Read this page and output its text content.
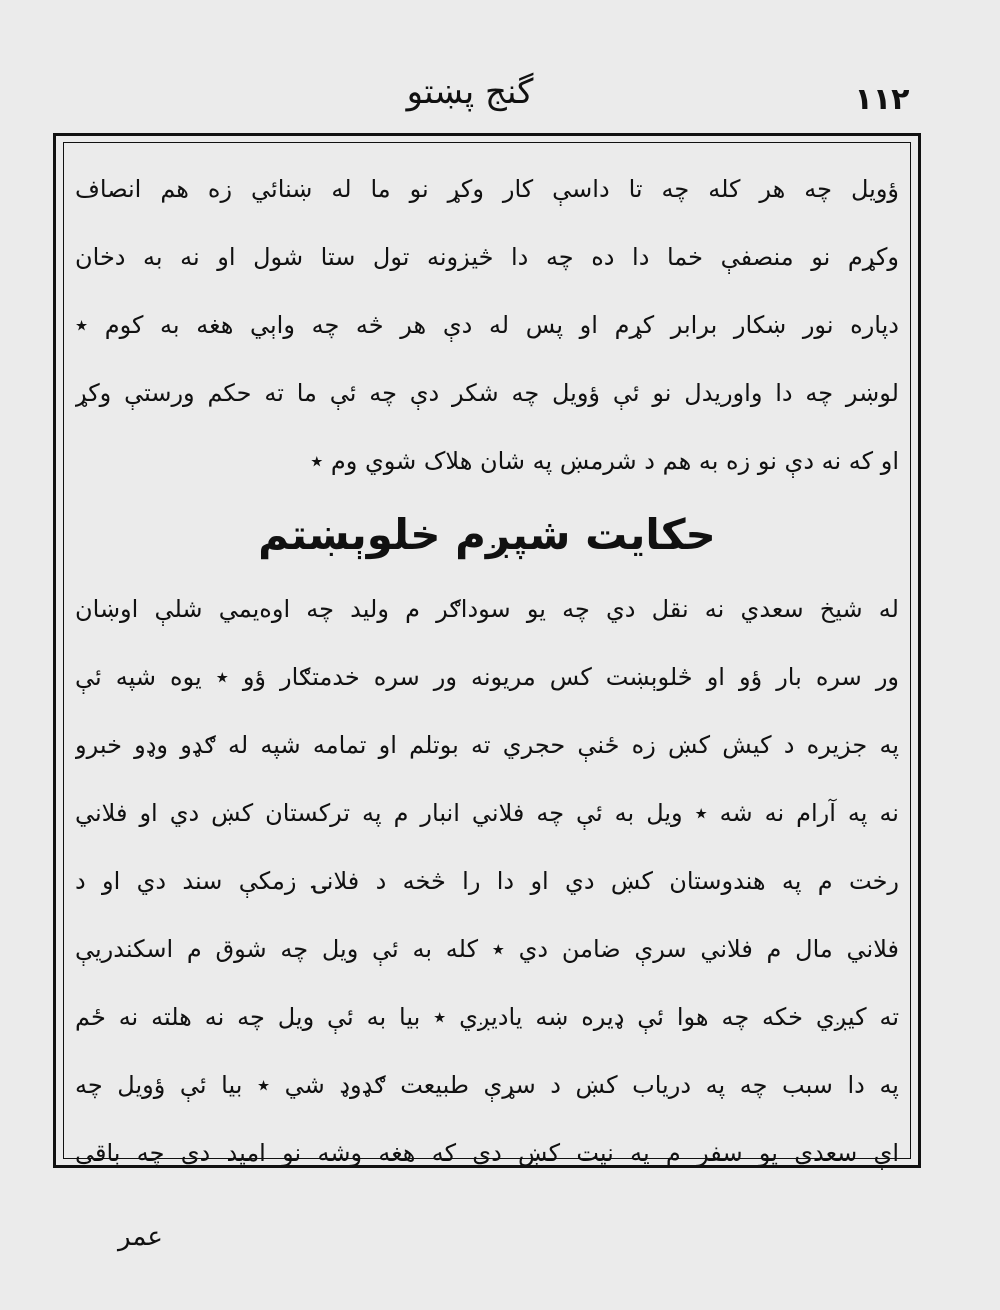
گنج پښتو	۱۱۲
ؤویل چه هر کله چه تا داسې کار وکړ نو ما له ښنائي زه هم انصاف
وکړم نو منصفې خما دا ده چه دا څیزونه تول ستا شول او نه به دخان
دپاره نور ښکار برابر کړم او پس له دې هر څه چه واېي هغه به کوم ٭
لوښر چه دا واوریدل نو ئې ؤویل چه شکر دې چه ئې ما ته حکم ورستې وکړ
او که نه دې نو زه به هم د شرمښ په شان هلاک شوي وم ٭
حکایت شپږم خلوېښتم
له شیخ سعدي نه نقل دي چه یو سوداګر م ولید چه اوه‌یمي شلې اوښان
ور سره بار ؤو او څلوېښت کس مریونه ور سره خدمتګار ؤو ٭ یوه شپه ئې
په جزیره د کیش کښ زه ځنې حجري ته بوتلم او تمامه شپه له ګډو وډو خبرو
نه په آرام نه شه ٭ ویل به ئې چه فلاني انبار م په ترکستان کښ دي او فلاني
رخت م په هندوستان کښ دي او دا را څخه د فلانۍ زمکې سند دي او د
فلاني مال م فلاني سرې ضامن دي ٭ کله به ئې ویل چه شوق م اسکندریې
ته کیږي خکه چه هوا ئې ډیره ښه یادیږي ٭ بیا به ئې ویل چه نه هلته نه ځم
په دا سبب چه په دریاب کښ د سړې طبیعت ګډوډ شي ٭ بیا ئې ؤویل چه
اې سعدي یو سفر م په نیت کښ دي که هغه وشه نو امید دي چه باقي
عمر
